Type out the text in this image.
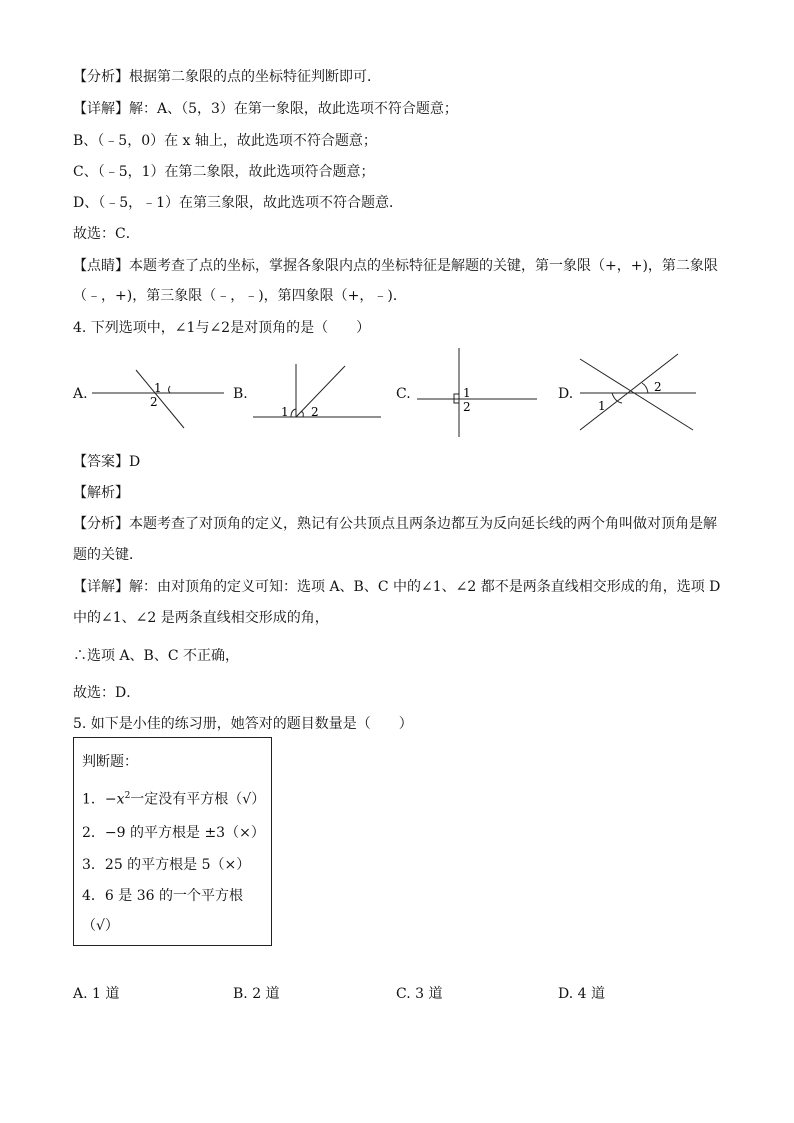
【分析】根据第二象限的点的坐标特征判断即可．
【详解】解：A、（5，3）在第一象限，故此选项不符合题意；
B、（﹣5，0）在 x 轴上，故此选项不符合题意；
C、（﹣5，1）在第二象限，故此选项符合题意；
D、（﹣5，﹣1）在第三象限，故此选项不符合题意．
故选：C．
【点睛】本题考查了点的坐标，掌握各象限内点的坐标特征是解题的关键，第一象限（+，+)，第二象限
（﹣，+)，第三象限（﹣，﹣)，第四象限（+，﹣)．
4. 下列选项中，∠1与∠2是对顶角的是（　　）
A.	1
2	B.
1 2
C.	1
2
D.	2
1
【答案】D
【解析】
【分析】本题考查了对顶角的定义，熟记有公共顶点且两条边都互为反向延长线的两个角叫做对顶角是解
题的关键．
【详解】解：由对顶角的定义可知：选项 A、B、C 中的∠1、∠2 都不是两条直线相交形成的角，选项 D
中的∠1、∠2 是两条直线相交形成的角，
∴选项 A、B、C 不正确，
故选：D．
5. 如下是小佳的练习册，她答对的题目数量是（　　）
判断题：
1．$-x^2$一定没有平方根（√）
2．−9 的平方根是 ±3（×）
3．25 的平方根是 5（×）
4．6 是 36 的一个平方根
（√）
A. 1 道	B. 2 道	C. 3 道	D. 4 道
